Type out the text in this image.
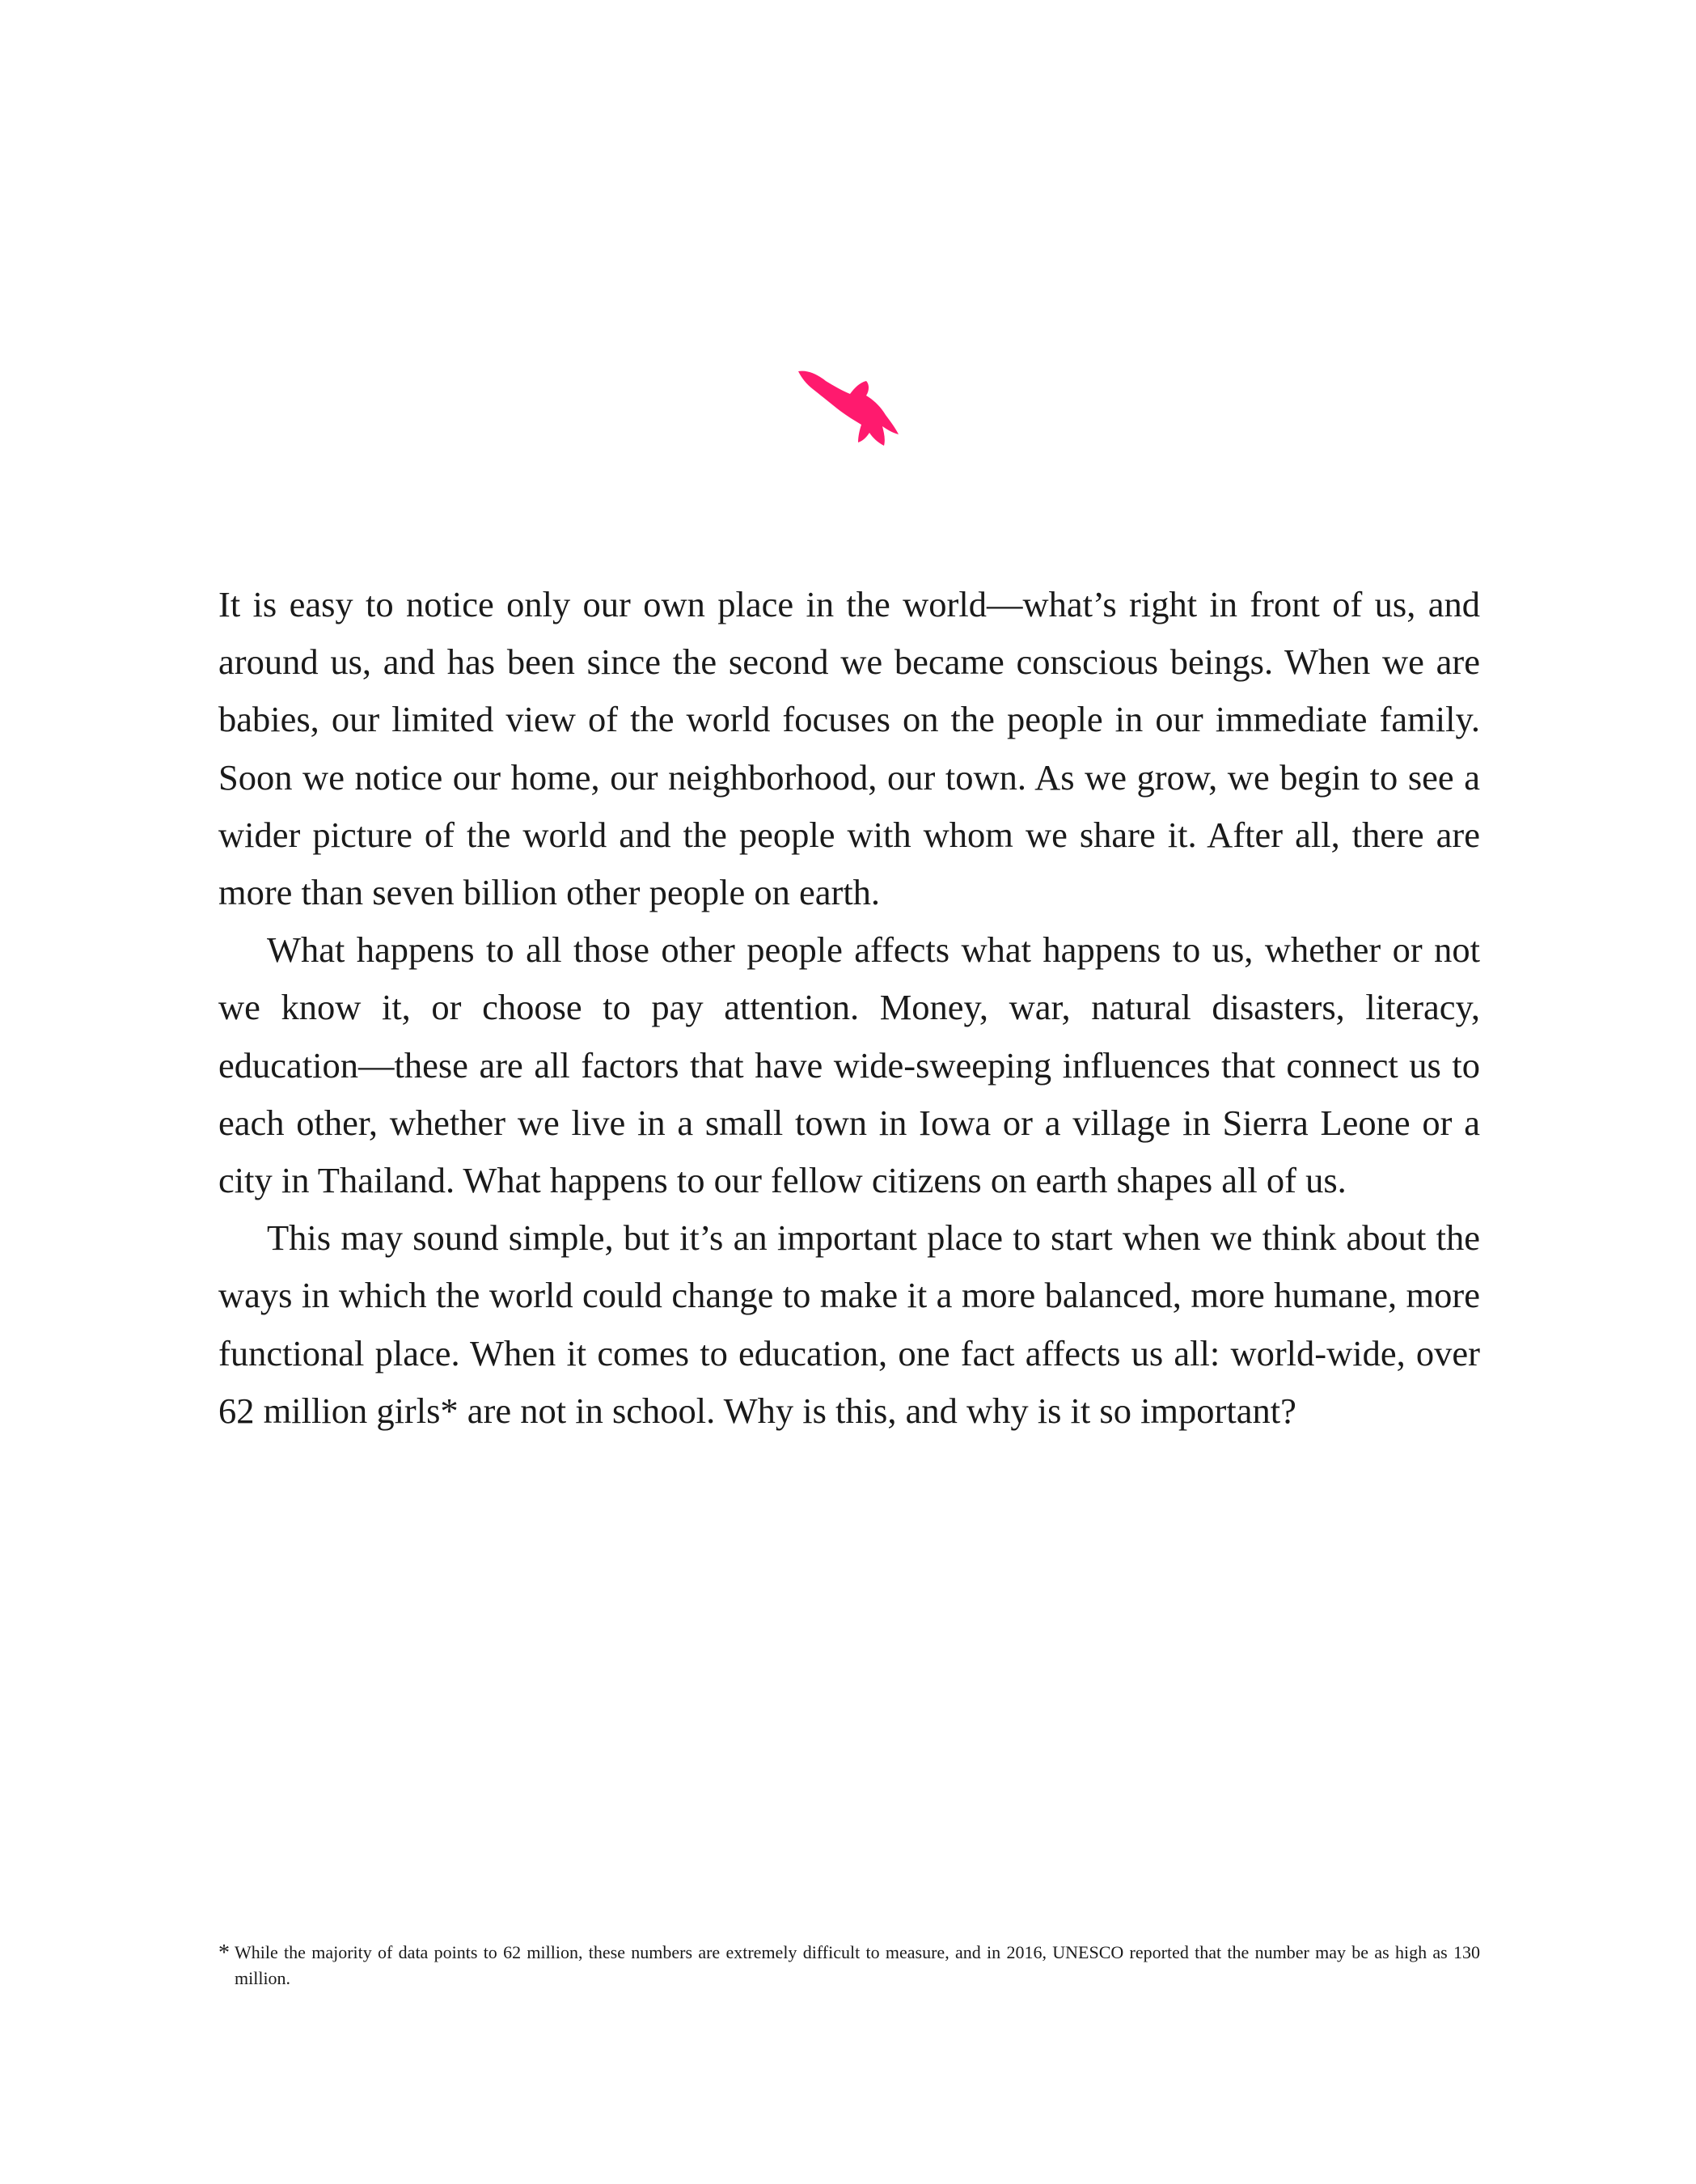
It is easy to notice only our own place in the world—what’s right in front of us, and around us, and has been since the second we became conscious beings. When we are babies, our limited view of the world focuses on the people in our immediate family. Soon we notice our home, our neighborhood, our town. As we grow, we begin to see a wider picture of the world and the people with whom we share it. After all, there are more than seven billion other people on earth.

What happens to all those other people affects what happens to us, whether or not we know it, or choose to pay attention. Money, war, natural disasters, literacy, education—these are all factors that have wide-sweeping influences that connect us to each other, whether we live in a small town in Iowa or a village in Sierra Leone or a city in Thailand. What happens to our fellow citizens on earth shapes all of us.

This may sound simple, but it’s an important place to start when we think about the ways in which the world could change to make it a more balanced, more humane, more functional place. When it comes to education, one fact affects us all: world-wide, over 62 million girls* are not in school. Why is this, and why is it so important?

* While the majority of data points to 62 million, these numbers are extremely difficult to measure, and in 2016, UNESCO reported that the number may be as high as 130 million.
